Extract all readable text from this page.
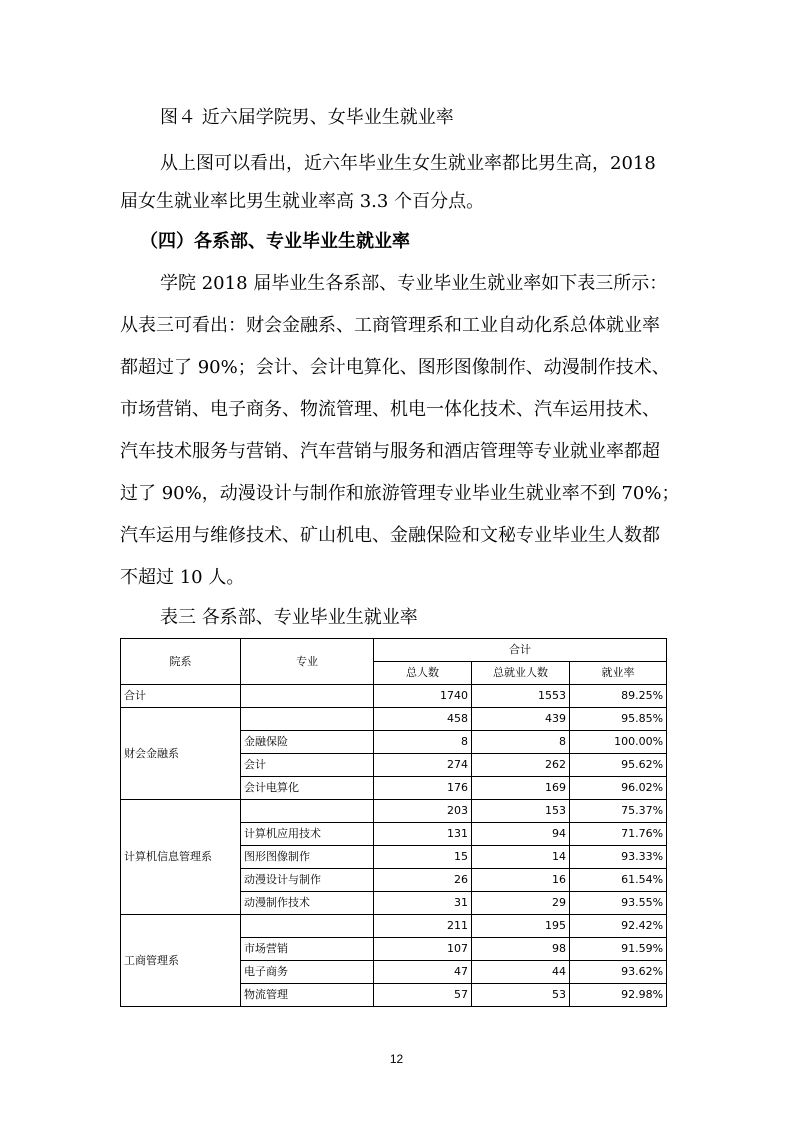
图４ 近六届学院男、女毕业生就业率
从上图可以看出，近六年毕业生女生就业率都比男生高，2018
届女生就业率比男生就业率高 3.3 个百分点。
（四）各系部、专业毕业生就业率
学院 2018 届毕业生各系部、专业毕业生就业率如下表三所示：
从表三可看出：财会金融系、工商管理系和工业自动化系总体就业率
都超过了 90%；会计、会计电算化、图形图像制作、动漫制作技术、
市场营销、电子商务、物流管理、机电一体化技术、汽车运用技术、
汽车技术服务与营销、汽车营销与服务和酒店管理等专业就业率都超
过了 90%，动漫设计与制作和旅游管理专业毕业生就业率不到 70%；
汽车运用与维修技术、矿山机电、金融保险和文秘专业毕业生人数都
不超过 10 人。
表三 各系部、专业毕业生就业率
院系	专业	合计		
		总人数	总就业人数	就业率
合计		1740	1553	89.25%
财会金融系		458	439	95.85%
	金融保险	8	8	100.00%
	会计	274	262	95.62%
	会计电算化	176	169	96.02%
计算机信息管理系		203	153	75.37%
	计算机应用技术	131	94	71.76%
	图形图像制作	15	14	93.33%
	动漫设计与制作	26	16	61.54%
	动漫制作技术	31	29	93.55%
工商管理系		211	195	92.42%
	市场营销	107	98	91.59%
	电子商务	47	44	93.62%
	物流管理	57	53	92.98%
12
